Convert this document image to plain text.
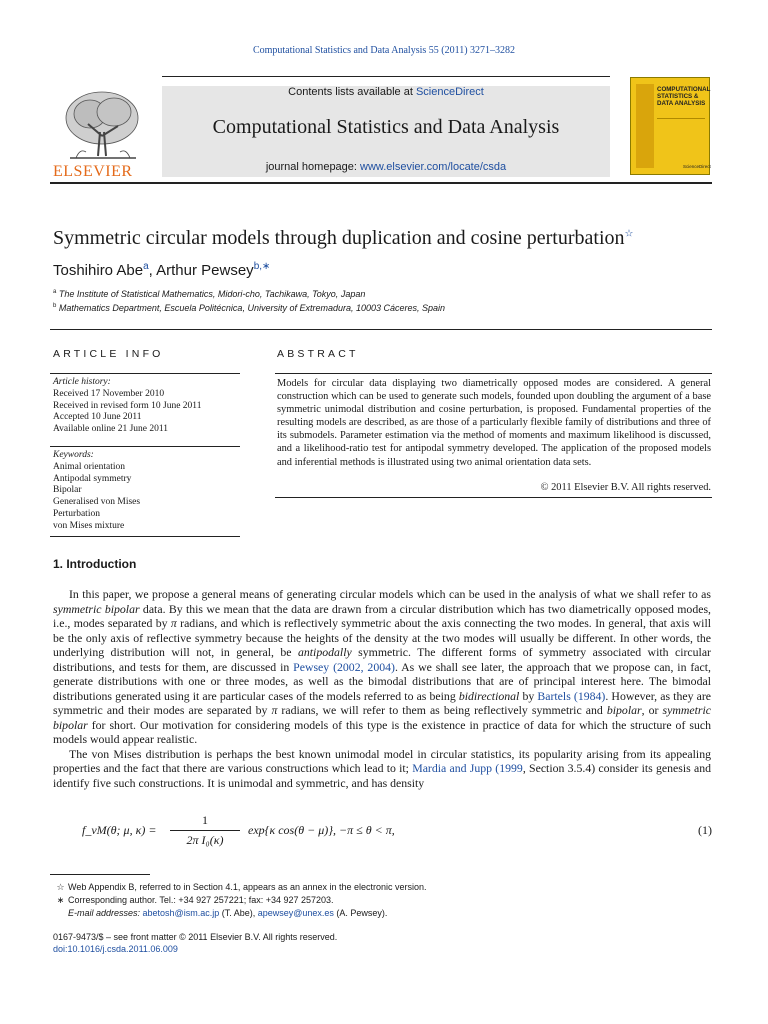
Computational Statistics and Data Analysis 55 (2011) 3271–3282
Contents lists available at ScienceDirect
Computational Statistics and Data Analysis
journal homepage: www.elsevier.com/locate/csda
ELSEVIER
COMPUTATIONAL STATISTICS & DATA ANALYSIS
ScienceDirect
Symmetric circular models through duplication and cosine perturbation☆
Toshihiro Abe$^a$, Arthur Pewsey$^{b,∗}$
$^a$ The Institute of Statistical Mathematics, Midori-cho, Tachikawa, Tokyo, Japan
$^b$ Mathematics Department, Escuela Politécnica, University of Extremadura, 10003 Cáceres, Spain
ARTICLE INFO	ABSTRACT
Article history:
Received 17 November 2010
Received in revised form 10 June 2011
Accepted 10 June 2011
Available online 21 June 2011
Keywords:
Animal orientation
Antipodal symmetry
Bipolar
Generalised von Mises
Perturbation
von Mises mixture
Models for circular data displaying two diametrically opposed modes are considered. A general construction which can be used to generate such models, founded upon doubling the argument of a base symmetric unimodal distribution and cosine perturbation, is proposed. Fundamental properties of the resulting models are described, as are those of a particularly flexible family of distributions and three of its submodels. Parameter estimation via the method of moments and maximum likelihood is discussed, and a likelihood-ratio test for antipodal symmetry developed. The application of the proposed models and inferential methods is illustrated using two animal orientation data sets.
© 2011 Elsevier B.V. All rights reserved.
1. Introduction

In this paper, we propose a general means of generating circular models which can be used in the analysis of what we shall refer to as symmetric bipolar data. By this we mean that the data are drawn from a circular distribution which has two diametrically opposed modes, i.e., modes separated by π radians, and which is reflectively symmetric about the axis connecting the two modes. In general, that axis will be the only axis of reflective symmetry because the heights of the density at the two modes will usually be different. In other words, the underlying distribution will not, in general, be antipodally symmetric. The different forms of symmetry associated with circular distributions, and tests for them, are discussed in Pewsey (2002, 2004). As we shall see later, the approach that we propose can, in fact, generate distributions with one or three modes, as well as the bimodal distributions that are of principal interest here. The bimodal distributions generated using it are particular cases of the models referred to as being bidirectional by Bartels (1984). However, as they are symmetric and their modes are separated by π radians, we will refer to them as being reflectively symmetric and bipolar, or symmetric bipolar for short. Our motivation for considering models of this type is the existence in practice of data for which the structure of such models would appear realistic.

The von Mises distribution is perhaps the best known unimodal model in circular statistics, its popularity arising from its appealing properties and the fact that there are various constructions which lead to it; Mardia and Jupp (1999, Section 3.5.4) consider its genesis and identify five such constructions. It is unimodal and symmetric, and has density

f_vM(θ; μ, κ) =
1
2π I₀(κ)
exp{κ cos(θ − μ)}, −π ≤ θ < π,	(1)
☆ Web Appendix B, referred to in Section 4.1, appears as an annex in the electronic version.
∗ Corresponding author. Tel.: +34 927 257221; fax: +34 927 257203.
E-mail addresses: abetosh@ism.ac.jp (T. Abe), apewsey@unex.es (A. Pewsey).
0167-9473/$ – see front matter © 2011 Elsevier B.V. All rights reserved.
doi:10.1016/j.csda.2011.06.009
